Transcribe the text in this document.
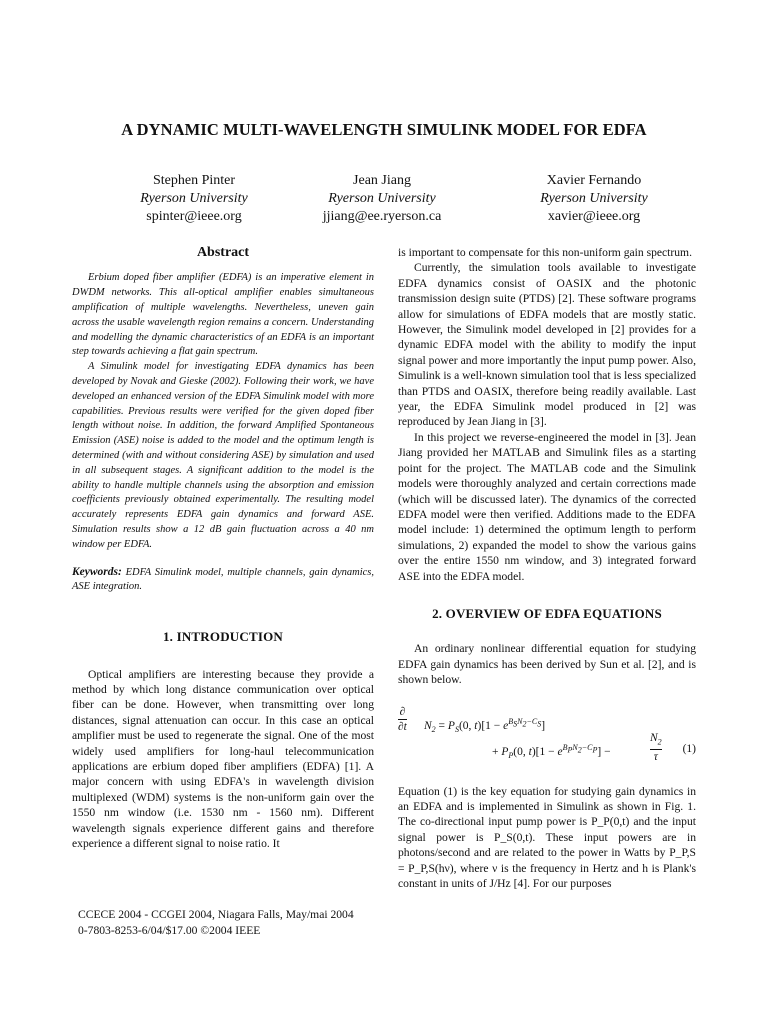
A DYNAMIC MULTI-WAVELENGTH SIMULINK MODEL FOR EDFA
Stephen Pinter
Ryerson University
spinter@ieee.org
Jean Jiang
Ryerson University
jjiang@ee.ryerson.ca
Xavier Fernando
Ryerson University
xavier@ieee.org
Abstract

Erbium doped fiber amplifier (EDFA) is an imperative element in DWDM networks. This all-optical amplifier enables simultaneous amplification of multiple wavelengths. Nevertheless, uneven gain across the usable wavelength region remains a concern. Understanding and modelling the dynamic characteristics of an EDFA is an important step towards achieving a flat gain spectrum.

A Simulink model for investigating EDFA dynamics has been developed by Novak and Gieske (2002). Following their work, we have developed an enhanced version of the EDFA Simulink model with more capabilities. Previous results were verified for the given doped fiber length without noise. In addition, the forward Amplified Spontaneous Emission (ASE) noise is added to the model and the optimum length is determined (with and without considering ASE) by simulation and used in all subsequent stages. A significant addition to the model is the ability to handle multiple channels using the absorption and emission coefficients previously obtained experimentally. The resulting model accurately represents EDFA gain dynamics and forward ASE. Simulation results show a 12 dB gain fluctuation across a 40 nm window per EDFA.

Keywords: EDFA Simulink model, multiple channels, gain dynamics, ASE integration.
1. INTRODUCTION

Optical amplifiers are interesting because they provide a method by which long distance communication over optical fiber can be done. However, when transmitting over long distances, signal attenuation can occur. In this case an optical amplifier must be used to regenerate the signal. One of the most widely used amplifiers for long-haul telecommunication applications are erbium doped fiber amplifiers (EDFA) [1]. A major concern with using EDFA's in wavelength division multiplexed (WDM) systems is the non-uniform gain over the 1550 nm window (i.e. 1530 nm - 1560 nm). Different wavelength signals experience different gains and therefore experience a different signal to noise ratio. It

is important to compensate for this non-uniform gain spectrum.

Currently, the simulation tools available to investigate EDFA dynamics consist of OASIX and the photonic transmission design suite (PTDS) [2]. These software programs allow for simulations of EDFA models that are mostly static. However, the Simulink model developed in [2] provides for a dynamic EDFA model with the ability to modify the input signal power and more importantly the input pump power. Also, Simulink is a well-known simulation tool that is less specialized than PTDS and OASIX, therefore being readily available. Last year, the EDFA Simulink model produced in [2] was reproduced by Jean Jiang in [3].

In this project we reverse-engineered the model in [3]. Jean Jiang provided her MATLAB and Simulink files as a starting point for the project. The MATLAB code and the Simulink models were thoroughly analyzed and certain corrections made (which will be discussed later). The dynamics of the corrected EDFA model were then verified. Additions made to the EDFA model include: 1) determined the optimum length to perform simulations, 2) expanded the model to show the various gains over the entire 1550 nm window, and 3) integrated forward ASE into the EDFA model.

2. OVERVIEW OF EDFA EQUATIONS

An ordinary nonlinear differential equation for studying EDFA gain dynamics has been derived by Sun et al. [2], and is shown below.

∂
∂t $N_2 = P_S(0$, $t)[1 - e^{B_SN_2-C_S}]$
+ $P_P(0$, $t)[1 - e^{B_PN_2-C_P}]$ −
$N_2$
τ
(1)

Equation (1) is the key equation for studying gain dynamics in an EDFA and is implemented in Simulink as shown in Fig. 1. The co-directional input pump power is P_P(0,t) and the input signal power is P_S(0,t). These input powers are in photons/second and are related to the power in Watts by P_P,S = P_P,S(hν), where ν is the frequency in Hertz and h is Plank's constant in units of J/Hz [4]. For our purposes

CCECE 2004 - CCGEI 2004, Niagara Falls, May/mai 2004
0-7803-8253-6/04/$17.00 ©2004 IEEE
